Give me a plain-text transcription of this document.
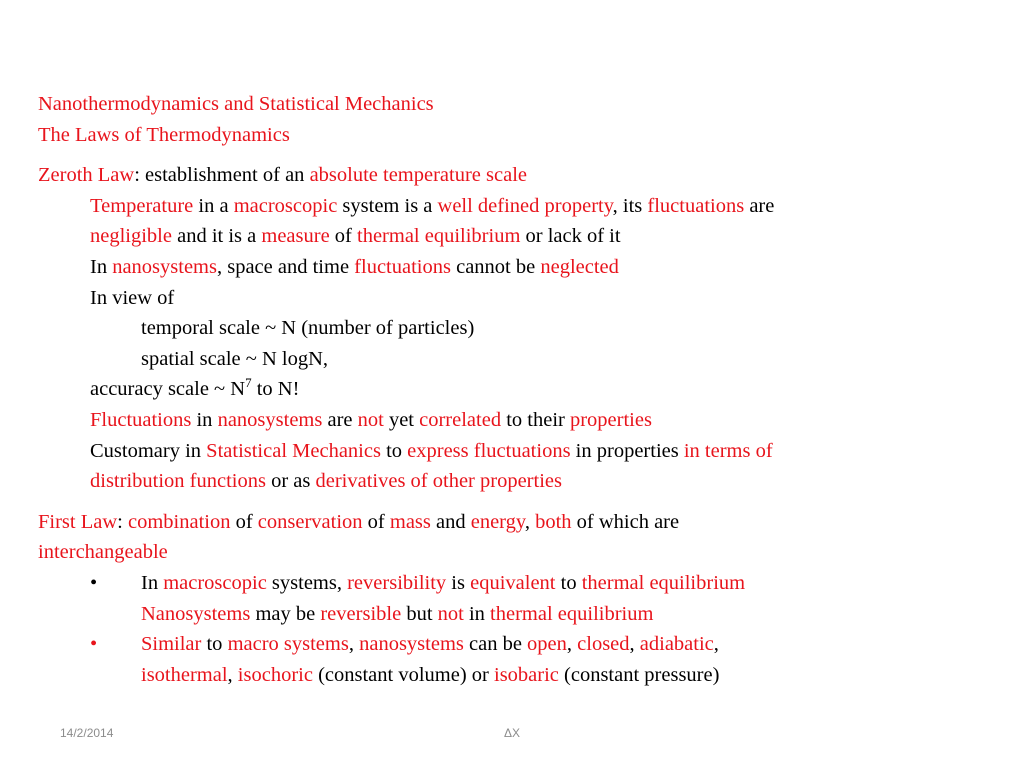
Nanothermodynamics and Statistical Mechanics
The Laws of Thermodynamics
Zeroth Law: establishment of an absolute temperature scale
Temperature in a macroscopic system is a well defined property, its fluctuations are
negligible and it is a measure of thermal equilibrium or lack of it
In nanosystems, space and time fluctuations cannot be neglected
In view of
temporal scale ~ N (number of particles)
spatial scale ~ N logN,
accuracy scale ~ $N^7$ to N!
Fluctuations in nanosystems are not yet correlated to their properties
Customary in Statistical Mechanics to express fluctuations in properties in terms of
distribution functions or as derivatives of other properties
First Law: combination of conservation of mass and energy, both of which are
interchangeable
• In macroscopic systems, reversibility is equivalent to thermal equilibrium
Nanosystems may be reversible but not in thermal equilibrium
• Similar to macro systems, nanosystems can be open, closed, adiabatic,
isothermal, isochoric (constant volume) or isobaric (constant pressure)
14/2/2014	ΔX
